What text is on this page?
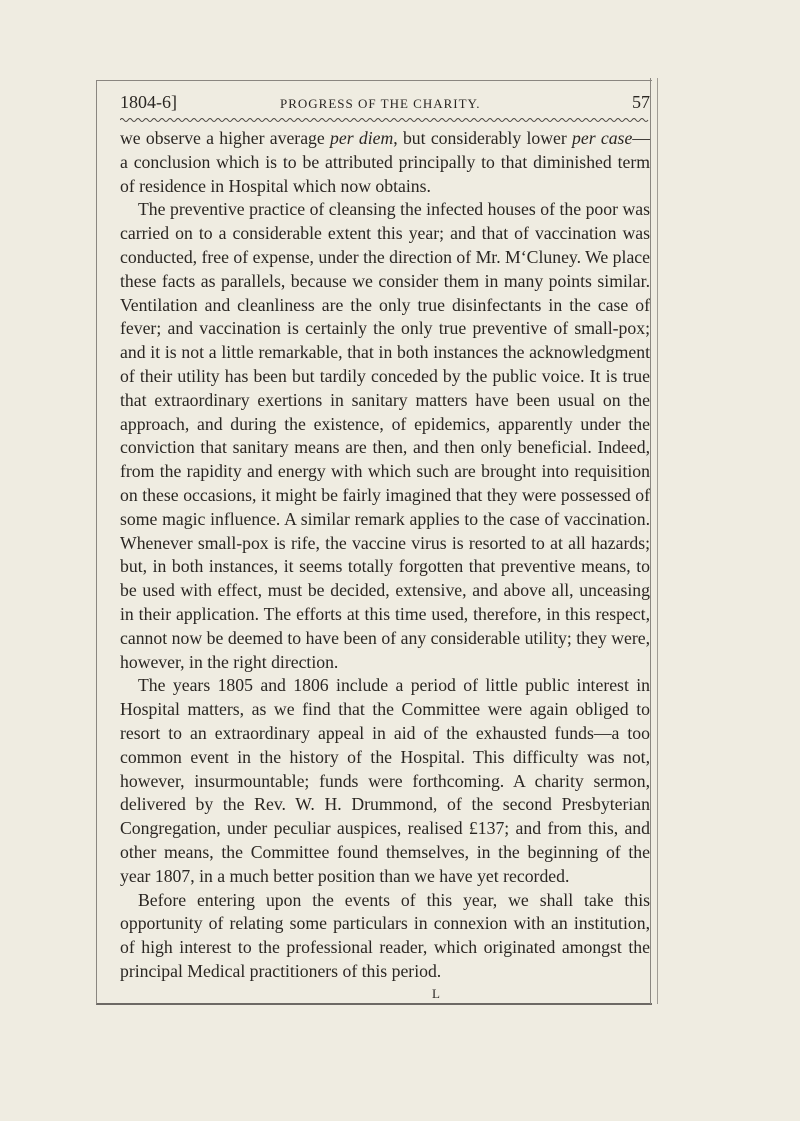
1804-6]	PROGRESS OF THE CHARITY.	57

we observe a higher average per diem, but considerably lower per case— a conclusion which is to be attributed principally to that diminished term of residence in Hospital which now obtains.

The preventive practice of cleansing the infected houses of the poor was carried on to a considerable extent this year; and that of vaccination was conducted, free of expense, under the direction of Mr. M‘Cluney. We place these facts as parallels, because we consider them in many points similar. Ventilation and cleanliness are the only true disinfectants in the case of fever; and vaccination is certainly the only true preventive of small-pox; and it is not a little remarkable, that in both instances the acknowledgment of their utility has been but tardily conceded by the public voice. It is true that extraordinary exertions in sanitary matters have been usual on the approach, and during the existence, of epidemics, apparently under the conviction that sanitary means are then, and then only beneficial. Indeed, from the rapidity and energy with which such are brought into requisition on these occasions, it might be fairly imagined that they were possessed of some magic influence. A similar remark applies to the case of vaccination. Whenever small-pox is rife, the vaccine virus is resorted to at all hazards; but, in both instances, it seems totally forgotten that preventive means, to be used with effect, must be decided, extensive, and above all, unceasing in their application. The efforts at this time used, therefore, in this respect, cannot now be deemed to have been of any considerable utility; they were, however, in the right direction.

The years 1805 and 1806 include a period of little public interest in Hospital matters, as we find that the Committee were again obliged to resort to an extraordinary appeal in aid of the exhausted funds—a too common event in the history of the Hospital. This difficulty was not, however, insurmountable; funds were forthcoming. A charity sermon, delivered by the Rev. W. H. Drummond, of the second Presbyterian Congregation, under peculiar auspices, realised £137; and from this, and other means, the Committee found themselves, in the beginning of the year 1807, in a much better position than we have yet recorded.

Before entering upon the events of this year, we shall take this opportunity of relating some particulars in connexion with an institution, of high interest to the professional reader, which originated amongst the principal Medical practitioners of this period.

L
